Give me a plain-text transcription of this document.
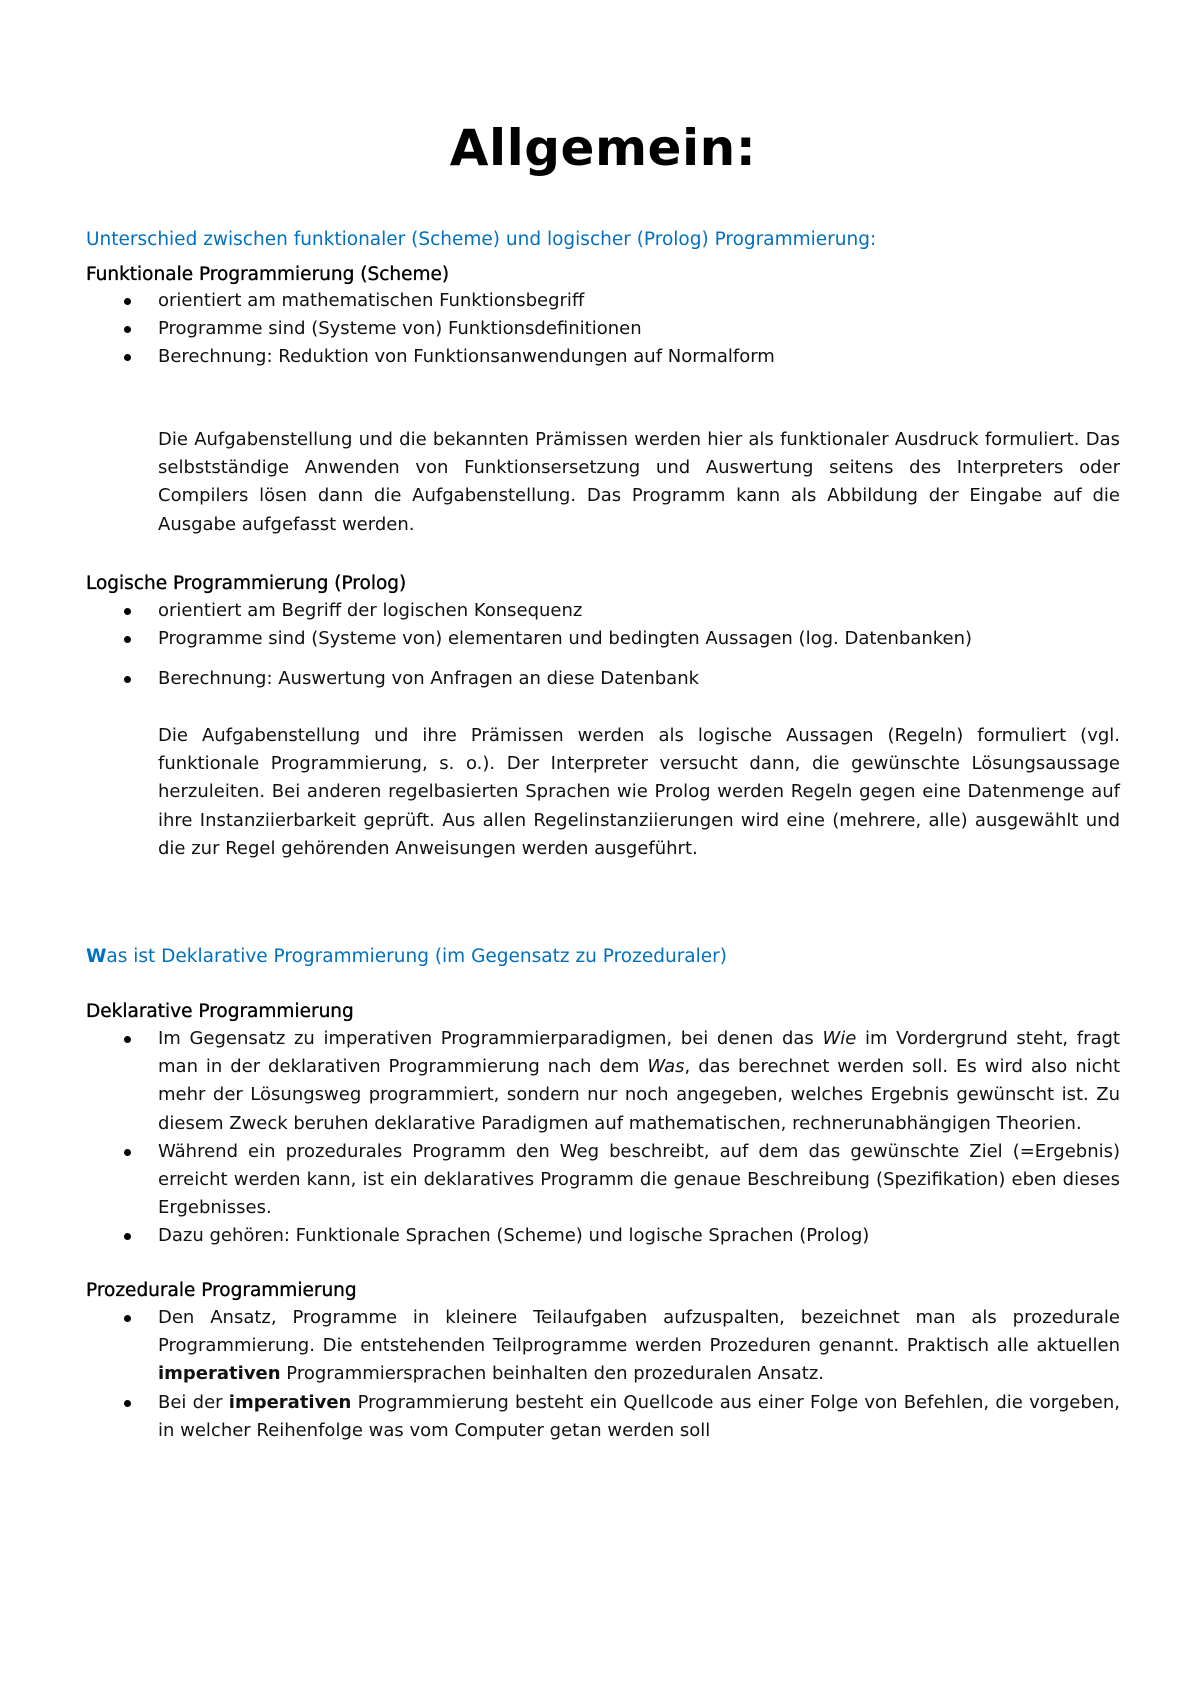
Allgemein:
Unterschied zwischen funktionaler (Scheme) und logischer (Prolog) Programmierung:
Funktionale Programmierung (Scheme)
orientiert am mathematischen Funktionsbegriff
Programme sind (Systeme von) Funktionsdefinitionen
Berechnung: Reduktion von Funktionsanwendungen auf Normalform

Die Aufgabenstellung und die bekannten Prämissen werden hier als funktionaler Ausdruck formuliert. Das selbstständige Anwenden von Funktionsersetzung und Auswertung seitens des Interpreters oder Compilers lösen dann die Aufgabenstellung. Das Programm kann als Abbildung der Eingabe auf die Ausgabe aufgefasst werden.

Logische Programmierung (Prolog)
orientiert am Begriff der logischen Konsequenz
Programme sind (Systeme von) elementaren und bedingten Aussagen (log. Datenbanken)
Berechnung: Auswertung von Anfragen an diese Datenbank

Die Aufgabenstellung und ihre Prämissen werden als logische Aussagen (Regeln) formuliert (vgl. funktionale Programmierung, s. o.). Der Interpreter versucht dann, die gewünschte Lösungsaussage herzuleiten. Bei anderen regelbasierten Sprachen wie Prolog werden Regeln gegen eine Datenmenge auf ihre Instanziierbarkeit geprüft. Aus allen Regelinstanziierungen wird eine (mehrere, alle) ausgewählt und die zur Regel gehörenden Anweisungen werden ausgeführt.

Was ist Deklarative Programmierung (im Gegensatz zu Prozeduraler)
Deklarative Programmierung
Im Gegensatz zu imperativen Programmierparadigmen, bei denen das Wie im Vordergrund steht, fragt man in der deklarativen Programmierung nach dem Was, das berechnet werden soll. Es wird also nicht mehr der Lösungsweg programmiert, sondern nur noch angegeben, welches Ergebnis gewünscht ist. Zu diesem Zweck beruhen deklarative Paradigmen auf mathematischen, rechnerunabhängigen Theorien.
Während ein prozedurales Programm den Weg beschreibt, auf dem das gewünschte Ziel (=Ergebnis) erreicht werden kann, ist ein deklaratives Programm die genaue Beschreibung (Spezifikation) eben dieses Ergebnisses.
Dazu gehören: Funktionale Sprachen (Scheme) und logische Sprachen (Prolog)
Prozedurale Programmierung
Den Ansatz, Programme in kleinere Teilaufgaben aufzuspalten, bezeichnet man als prozedurale Programmierung. Die entstehenden Teilprogramme werden Prozeduren genannt. Praktisch alle aktuellen imperativen Programmiersprachen beinhalten den prozeduralen Ansatz.
Bei der imperativen Programmierung besteht ein Quellcode aus einer Folge von Befehlen, die vorgeben, in welcher Reihenfolge was vom Computer getan werden soll
